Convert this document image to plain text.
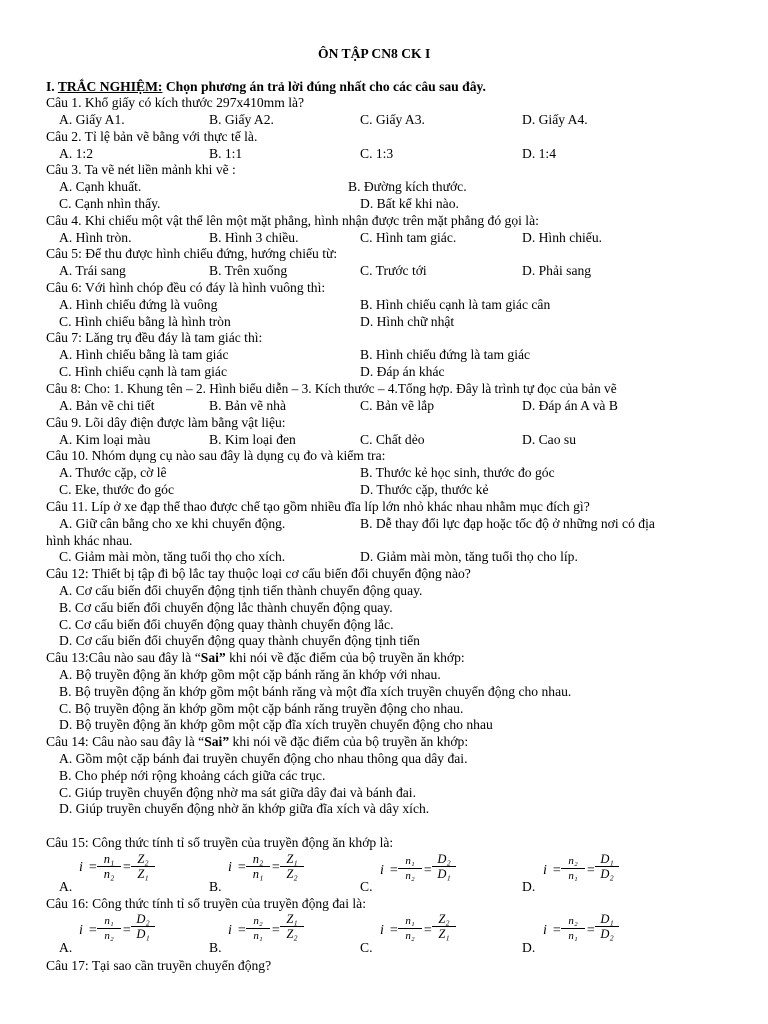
ÔN TẬP CN8 CK I
I. TRẮC NGHIỆM: Chọn phương án trả lời đúng nhất cho các câu sau đây.
Câu 1. Khổ giấy có kích thước 297x410mm là?
A. Giấy A1.	B. Giấy A2.	C. Giấy A3.	D. Giấy A4.
Câu 2. Tỉ lệ bản vẽ bằng với thực tế là.
A. 1:2	B. 1:1	C. 1:3	D. 1:4
Câu 3. Ta vẽ nét liền mảnh khi vẽ :
A. Cạnh khuất.	B. Đường kích thước.
C. Cạnh nhìn thấy.	D. Bất kể khi nào.
Câu 4. Khi chiếu một vật thể lên một mặt phẳng, hình nhận được trên mặt phẳng đó gọi là:
A. Hình tròn.	B. Hình 3 chiều.	C. Hình tam giác.	D. Hình chiếu.
Câu 5: Để thu được hình chiếu đứng, hướng chiếu từ:
A. Trái sang	B. Trên xuống	C. Trước tới	D. Phải sang
Câu 6: Với hình chóp đều có đáy là hình vuông thì:
A. Hình chiếu đứng là vuông	B. Hình chiếu cạnh là tam giác cân
C. Hình chiếu bằng là hình tròn	D. Hình chữ nhật
Câu 7: Lăng trụ đều đáy là tam giác thì:
A. Hình chiếu bằng là tam giác	B. Hình chiếu đứng là tam giác
C. Hình chiếu cạnh là tam giác	D. Đáp án khác
Câu 8: Cho: 1. Khung tên – 2. Hình biểu diễn – 3. Kích thước – 4.Tổng hợp. Đây là trình tự đọc của bản vẽ
A. Bản vẽ chi tiết	B. Bản vẽ nhà	C. Bản vẽ lắp	D. Đáp án A và B
Câu 9. Lõi dây điện được làm bằng vật liệu:
A. Kim loại màu	B. Kim loại đen	C. Chất dẻo	D. Cao su
Câu 10. Nhóm dụng cụ nào sau đây là dụng cụ đo và kiểm tra:
A. Thước cặp, cờ lê	B. Thước kẻ học sinh, thước đo góc
C. Eke, thước đo góc	D. Thước cặp, thước kẻ
Câu 11. Líp ở xe đạp thể thao được chế tạo gồm nhiều đĩa líp lớn nhỏ khác nhau nhằm mục đích gì?
A. Giữ cân bằng cho xe khi chuyển động.	B. Dễ thay đổi lực đạp hoặc tốc độ ở những nơi có địa
hình khác nhau.
C. Giảm mài mòn, tăng tuổi thọ cho xích.	D. Giảm mài mòn, tăng tuổi thọ cho líp.
Câu 12: Thiết bị tập đi bộ lắc tay thuộc loại cơ cấu biến đổi chuyển động nào?
A. Cơ cấu biến đổi chuyển động tịnh tiến thành chuyển động quay.
B. Cơ cấu biến đổi chuyển động lắc thành chuyển động quay.
C. Cơ cấu biến đổi chuyển động quay thành chuyển động lắc.
D. Cơ cấu biến đổi chuyển động quay thành chuyển động tịnh tiến
Câu 13:Câu nào sau đây là “Sai” khi nói về đặc điểm của bộ truyền ăn khớp:
A. Bộ truyền động ăn khớp gồm một cặp bánh răng ăn khớp với nhau.
B. Bộ truyền động ăn khớp gồm một bánh răng và một đĩa xích truyền chuyển động cho nhau.
C. Bộ truyền động ăn khớp gồm một cặp bánh răng truyền động cho nhau.
D. Bộ truyền động ăn khớp gồm một cặp đĩa xích truyền chuyển động cho nhau
Câu 14: Câu nào sau đây là “Sai” khi nói về đặc điểm của bộ truyền ăn khớp:
A. Gồm một cặp bánh đai truyền chuyển động cho nhau thông qua dây đai.
B. Cho phép nới rộng khoảng cách giữa các trục.
C. Giúp truyền chuyển động nhờ ma sát giữa dây đai và bánh đai.
D. Giúp truyền chuyển động nhờ ăn khớp giữa đĩa xích và dây xích.
Câu 15: Công thức tính tỉ số truyền của truyền động ăn khớp là:
A.	B.	C.	D.
$i = \frac{\text{n₁}}{\text{n₂}} = \frac{\text{Z₂}}{\text{Z₁}}$	$i = \frac{\text{n₂}}{\text{n₁}} = \frac{\text{Z₁}}{\text{Z₂}}$	$i = \frac{\text{n₁}}{\text{n₂}} = \frac{\text{D₂}}{\text{D₁}}$	$i = \frac{\text{n₂}}{\text{n₁}} = \frac{\text{D₁}}{\text{D₂}}$
Câu 16: Công thức tính tỉ số truyền của truyền động đai là:
A.	B.	C.	D.
$i = \frac{\text{n₁}}{\text{n₂}} = \frac{\text{D₂}}{\text{D₁}}$	$i = \frac{\text{n₂}}{\text{n₁}} = \frac{\text{Z₁}}{\text{Z₂}}$	$i = \frac{\text{n₁}}{\text{n₂}} = \frac{\text{Z₂}}{\text{Z₁}}$	$i = \frac{\text{n₂}}{\text{n₁}} = \frac{\text{D₁}}{\text{D₂}}$
Câu 17: Tại sao cần truyền chuyển động?
